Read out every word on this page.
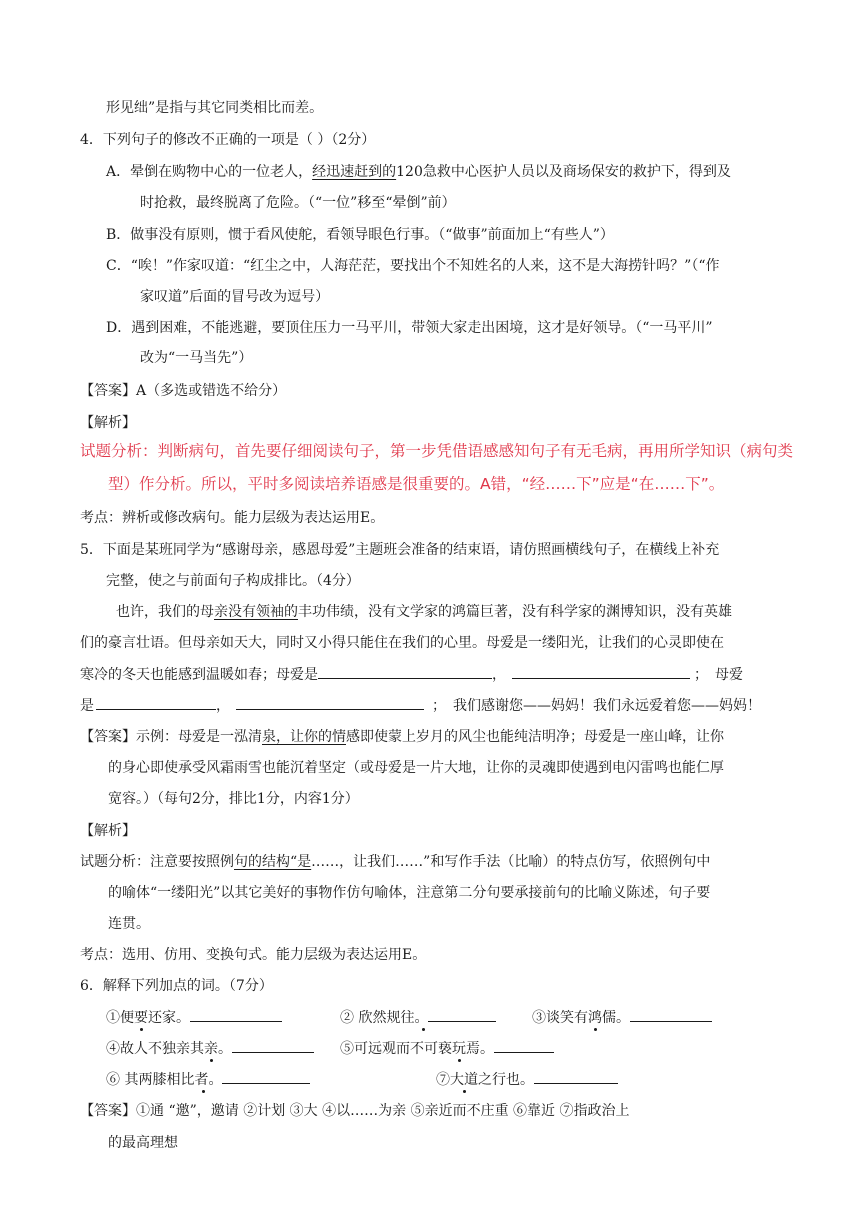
形见绌”是指与其它同类相比而差。
4．下列句子的修改不正确的一项是（ ）（2分）
A．晕倒在购物中心的一位老人，经迅速赶到的120急救中心医护人员以及商场保安的救护下，得到及
时抢救，最终脱离了危险。（“一位”移至“晕倒”前）
B．做事没有原则，惯于看风使舵，看领导眼色行事。（“做事”前面加上“有些人”）
C．“唉！”作家叹道：“红尘之中，人海茫茫，要找出个不知姓名的人来，这不是大海捞针吗？”（“作
家叹道”后面的冒号改为逗号）
D．遇到困难，不能逃避，要顶住压力一马平川，带领大家走出困境，这才是好领导。（“一马平川”
改为“一马当先”）
【答案】A（多选或错选不给分）
【解析】
试题分析：判断病句，首先要仔细阅读句子，第一步凭借语感感知句子有无毛病，再用所学知识（病句类
型）作分析。所以，平时多阅读培养语感是很重要的。A错，“经……下”应是“在……下”。
考点：辨析或修改病句。能力层级为表达运用E。
5．下面是某班同学为“感谢母亲，感恩母爱”主题班会准备的结束语，请仿照画横线句子，在横线上补充
完整，使之与前面句子构成排比。（4分）
也许，我们的母亲没有领袖的丰功伟绩，没有文学家的鸿篇巨著，没有科学家的渊博知识，没有英雄
们的豪言壮语。但母亲如天大，同时又小得只能住在我们的心里。母爱是一缕阳光，让我们的心灵即使在
寒冷的冬天也能感到温暖如春；母爱是	，	；　母爱
是	，	；　我们感谢您——妈妈！我们永远爱着您——妈妈！
【答案】示例：母爱是一泓清泉，让你的情感即使蒙上岁月的风尘也能纯洁明净；母爱是一座山峰，让你
的身心即使承受风霜雨雪也能沉着坚定（或母爱是一片大地，让你的灵魂即使遇到电闪雷鸣也能仁厚
宽容。）（每句2分，排比1分，内容1分）
【解析】
试题分析：注意要按照例句的结构“是……，让我们……”和写作手法（比喻）的特点仿写，依照例句中
的喻体“一缕阳光”以其它美好的事物作仿句喻体，注意第二分句要承接前句的比喻义陈述，句子要
连贯。
考点：选用、仿用、变换句式。能力层级为表达运用E。
6．解释下列加点的词。（7分）
①便要还家。	② 欣然规往。	③谈笑有鸿儒。
④故人不独亲其亲。	⑤可远观而不可亵玩焉。
⑥ 其两膝相比者。	⑦大道之行也。
【答案】①通 “邀”，邀请 ②计划 ③大 ④以……为亲 ⑤亲近而不庄重 ⑥靠近 ⑦指政治上
的最高理想
